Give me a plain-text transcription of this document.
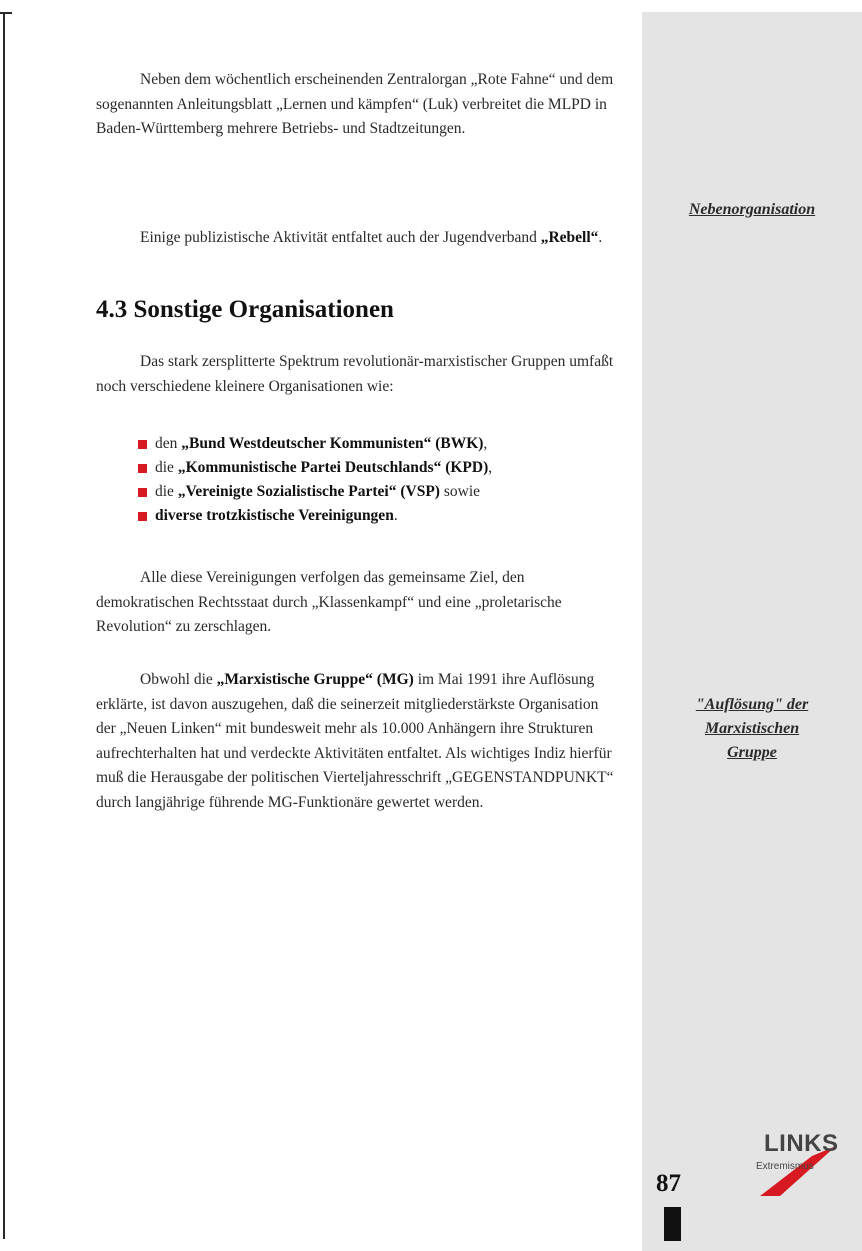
Neben dem wöchentlich erscheinenden Zentralorgan „Rote Fahne“ und dem sogenannten Anleitungsblatt „Lernen und kämpfen“ (Luk) verbreitet die MLPD in Baden-Württemberg mehrere Betriebs- und Stadtzeitungen.

Einige publizistische Aktivität entfaltet auch der Jugendverband „Rebell“.

4.3 Sonstige Organisationen

Das stark zersplitterte Spektrum revolutionär-marxistischer Gruppen umfaßt noch verschiedene kleinere Organisationen wie:

den „Bund Westdeutscher Kommunisten“ (BWK),
die „Kommunistische Partei Deutschlands“ (KPD),
die „Vereinigte Sozialistische Partei“ (VSP) sowie
diverse trotzkistische Vereinigungen.

Alle diese Vereinigungen verfolgen das gemeinsame Ziel, den demokratischen Rechtsstaat durch „Klassenkampf“ und eine „proletarische Revolution“ zu zerschlagen.

Obwohl die „Marxistische Gruppe“ (MG) im Mai 1991 ihre Auflösung erklärte, ist davon auszugehen, daß die seinerzeit mitgliederstärkste Organisation der „Neuen Linken“ mit bundesweit mehr als 10.000 Anhängern ihre Strukturen aufrechterhalten hat und verdeckte Aktivitäten entfaltet. Als wichtiges Indiz hierfür muß die Herausgabe der politischen Vierteljahresschrift „GEGENSTANDPUNKT“ durch langjährige führende MG-Funktionäre gewertet werden.

Nebenorganisation
"Auflösung" der
Marxistischen
Gruppe
LINKS
Extremismus
87
